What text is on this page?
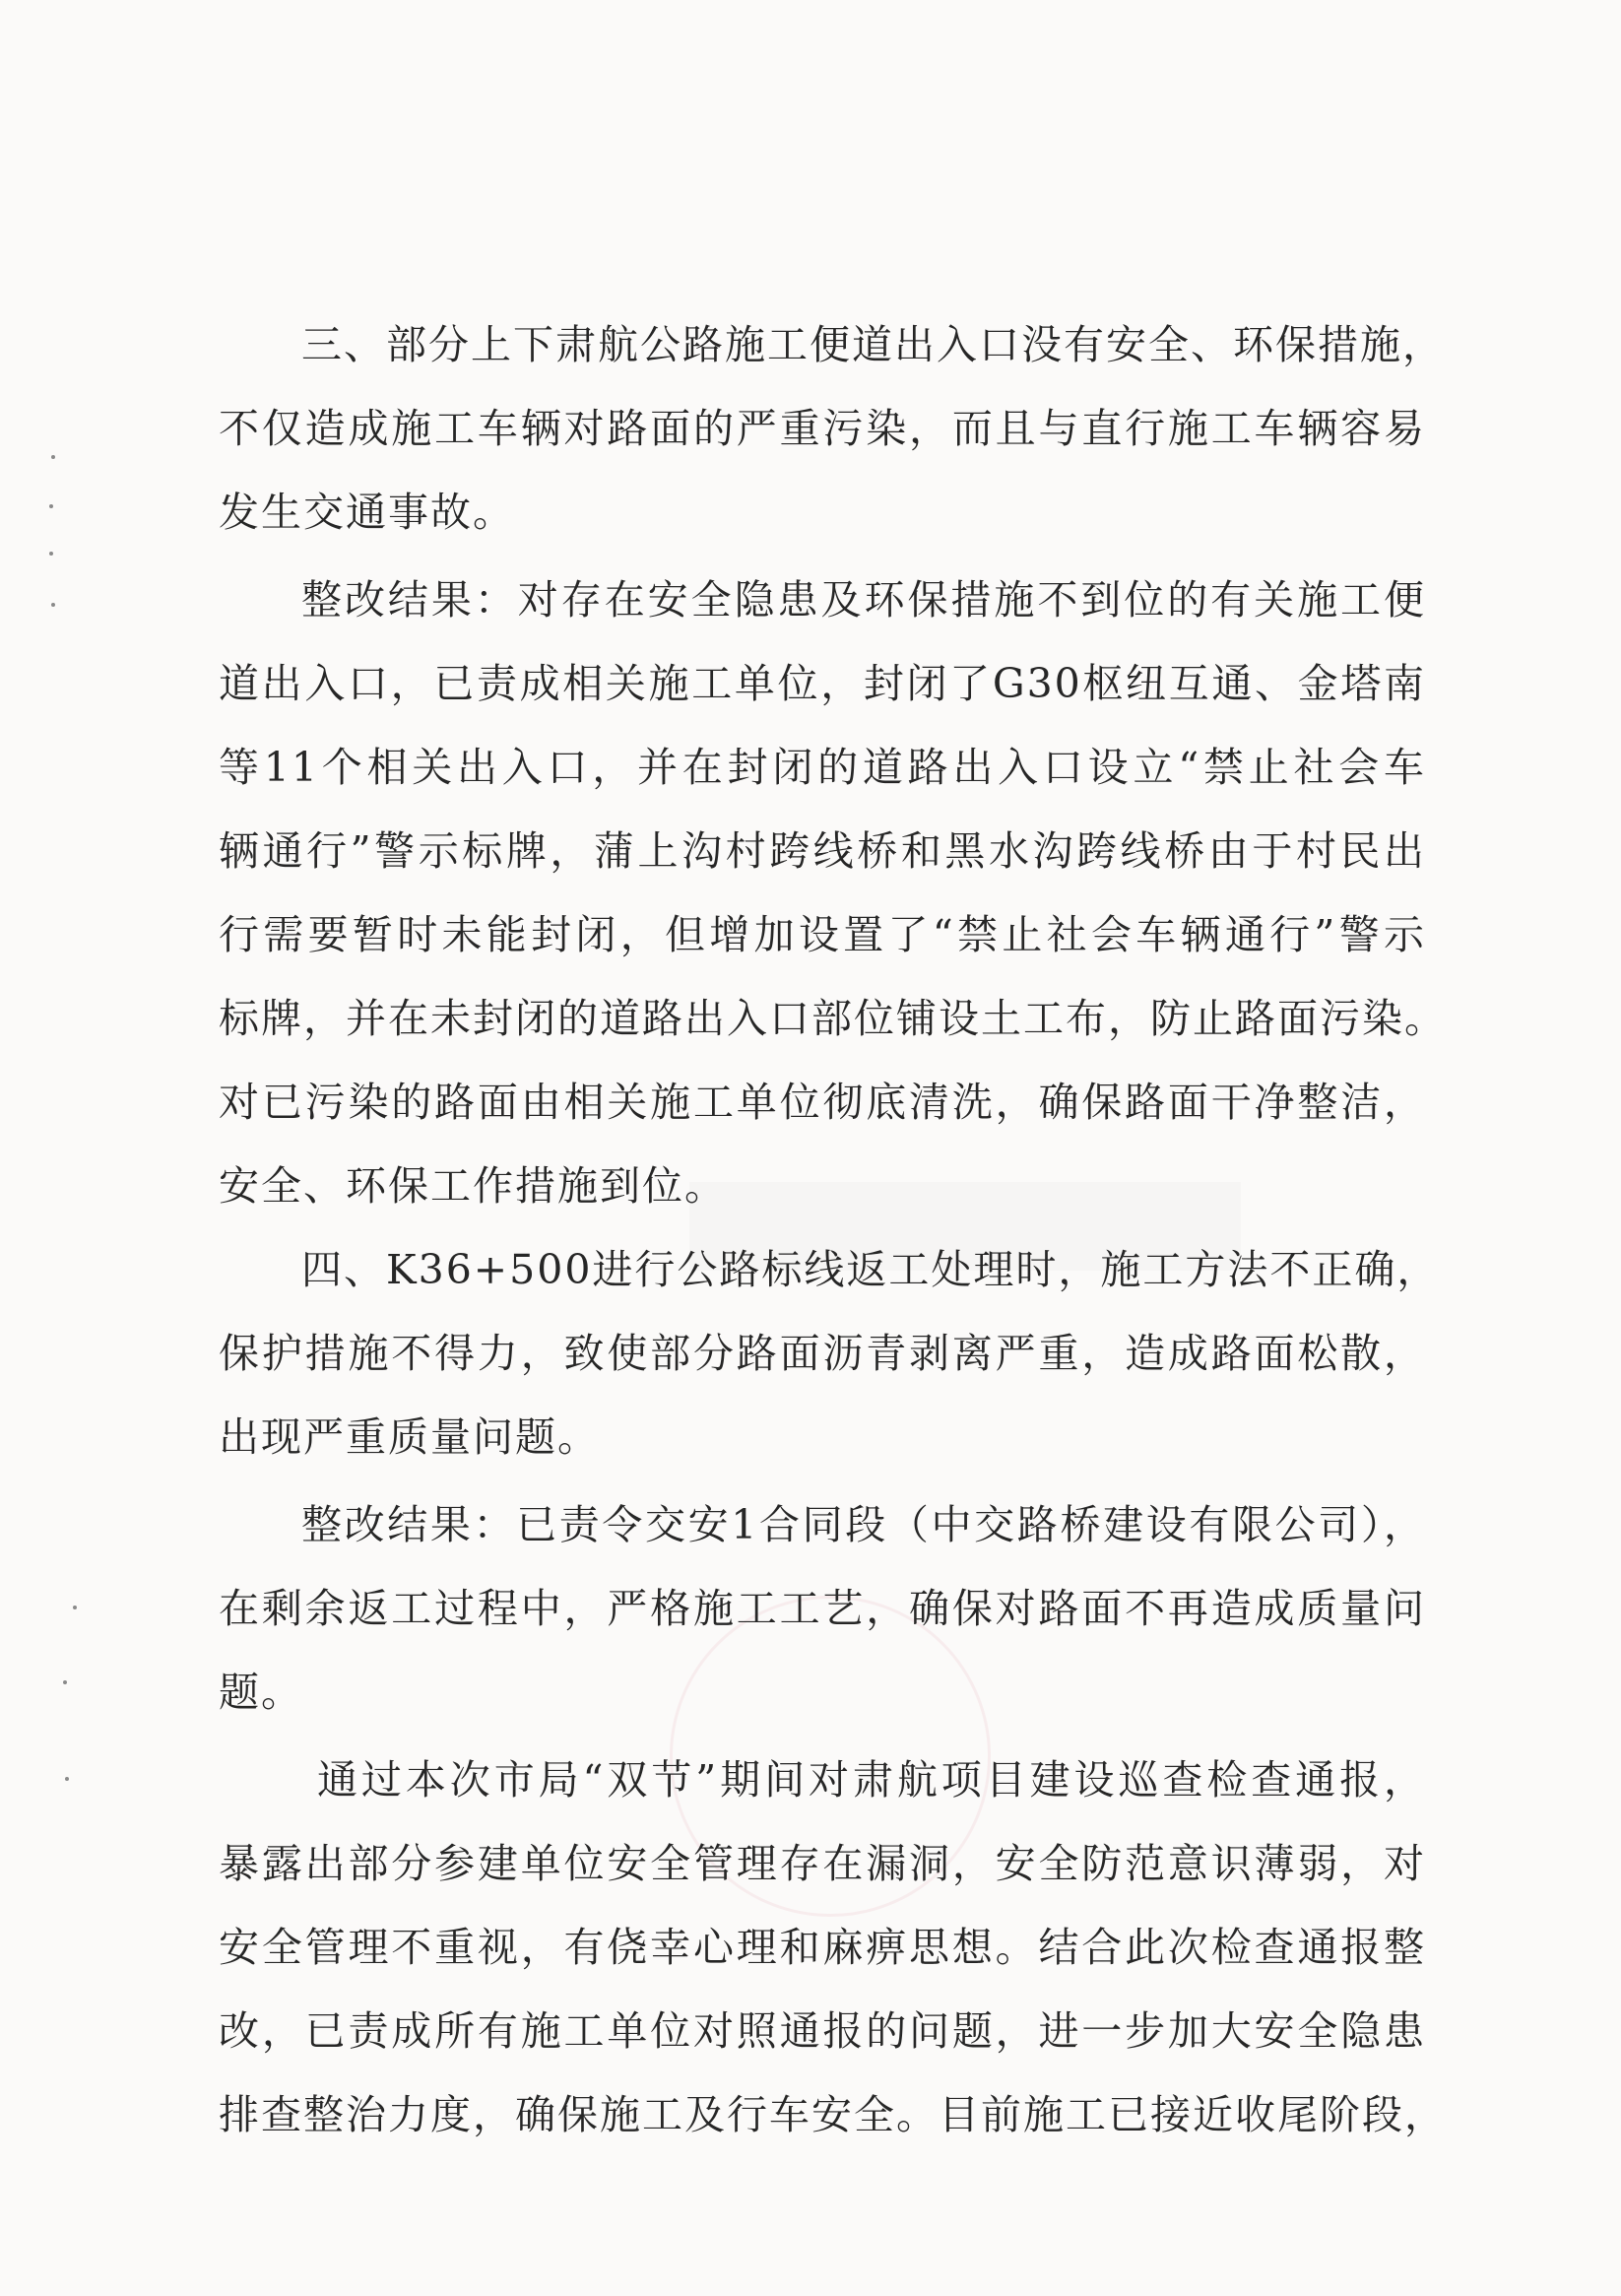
三、部分上下肃航公路施工便道出入口没有安全、环保措施，
不仅造成施工车辆对路面的严重污染，而且与直行施工车辆容易
发生交通事故。
整改结果：对存在安全隐患及环保措施不到位的有关施工便
道出入口，已责成相关施工单位，封闭了G30枢纽互通、金塔南
等11个相关出入口，并在封闭的道路出入口设立“禁止社会车
辆通行”警示标牌，蒲上沟村跨线桥和黑水沟跨线桥由于村民出
行需要暂时未能封闭，但增加设置了“禁止社会车辆通行”警示
标牌，并在未封闭的道路出入口部位铺设土工布，防止路面污染。
对已污染的路面由相关施工单位彻底清洗，确保路面干净整洁，
安全、环保工作措施到位。
四、K36+500进行公路标线返工处理时，施工方法不正确，
保护措施不得力，致使部分路面沥青剥离严重，造成路面松散，
出现严重质量问题。
整改结果：已责令交安1合同段（中交路桥建设有限公司），
在剩余返工过程中，严格施工工艺，确保对路面不再造成质量问
题。
通过本次市局“双节”期间对肃航项目建设巡查检查通报，
暴露出部分参建单位安全管理存在漏洞，安全防范意识薄弱，对
安全管理不重视，有侥幸心理和麻痹思想。结合此次检查通报整
改，已责成所有施工单位对照通报的问题，进一步加大安全隐患
排查整治力度，确保施工及行车安全。目前施工已接近收尾阶段，
